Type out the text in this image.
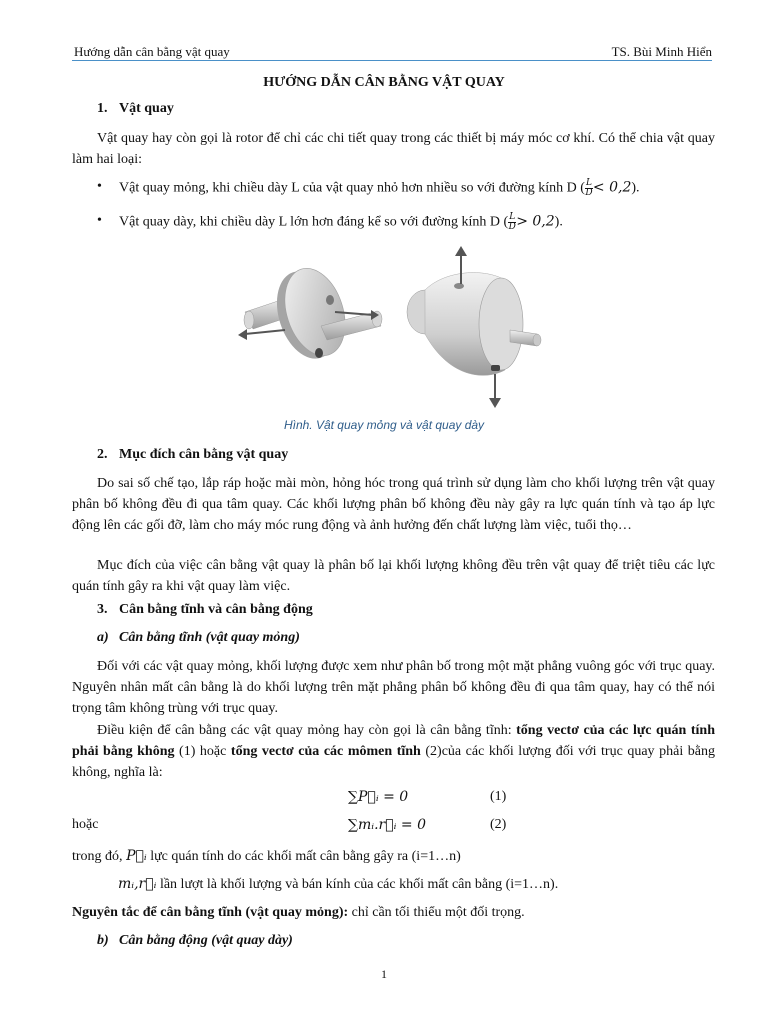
Hướng dẫn cân bằng vật quay	TS. Bùi Minh Hiển
HƯỚNG DẪN CÂN BẰNG VẬT QUAY
1. Vật quay
Vật quay hay còn gọi là rotor để chỉ các chi tiết quay trong các thiết bị máy móc cơ khí. Có thể chia vật quay làm hai loại:
• Vật quay mỏng, khi chiều dày L của vật quay nhỏ hơn nhiều so với đường kính D ( $\frac{L}{D} < 0,2$).
• Vật quay dày, khi chiều dày L lớn hơn đáng kể so với đường kính D ( $\frac{L}{D} > 0,2$).
Hình. Vật quay mỏng và vật quay dày
2. Mục đích cân bằng vật quay
Do sai số chế tạo, lắp ráp hoặc mài mòn, hỏng hóc trong quá trình sử dụng làm cho khối lượng trên vật quay phân bố không đều đi qua tâm quay. Các khối lượng phân bố không đều này gây ra lực quán tính và tạo áp lực động lên các gối đỡ, làm cho máy móc rung động và ảnh hưởng đến chất lượng làm việc, tuổi thọ…
Mục đích của việc cân bằng vật quay là phân bố lại khối lượng không đều trên vật quay để triệt tiêu các lực quán tính gây ra khi vật quay làm việc.
3. Cân bằng tĩnh và cân bằng động
a) Cân bằng tĩnh (vật quay mỏng)
Đối với các vật quay mỏng, khối lượng được xem như phân bố trong một mặt phẳng vuông góc với trục quay. Nguyên nhân mất cân bằng là do khối lượng trên mặt phẳng phân bố không đều đi qua tâm quay, hay có thể nói trọng tâm không trùng với trục quay.
Điều kiện để cân bằng các vật quay mỏng hay còn gọi là cân bằng tĩnh: tổng vectơ của các lực quán tính phải bằng không (1) hoặc tổng vectơ của các mômen tĩnh (2)của các khối lượng đối với trục quay phải bằng không, nghĩa là:
∑P⃗ᵢ = 0	(1)
hoặc	∑mᵢ.r⃗ᵢ = 0	(2)
trong đó, P⃗ᵢ lực quán tính do các khối mất cân bằng gây ra (i=1…n)
mᵢ,r⃗ᵢ lần lượt là khối lượng và bán kính của các khối mất cân bằng (i=1…n).
Nguyên tắc để cân bằng tĩnh (vật quay mỏng): chỉ cần tối thiểu một đối trọng.
b) Cân bằng động (vật quay dày)
1
